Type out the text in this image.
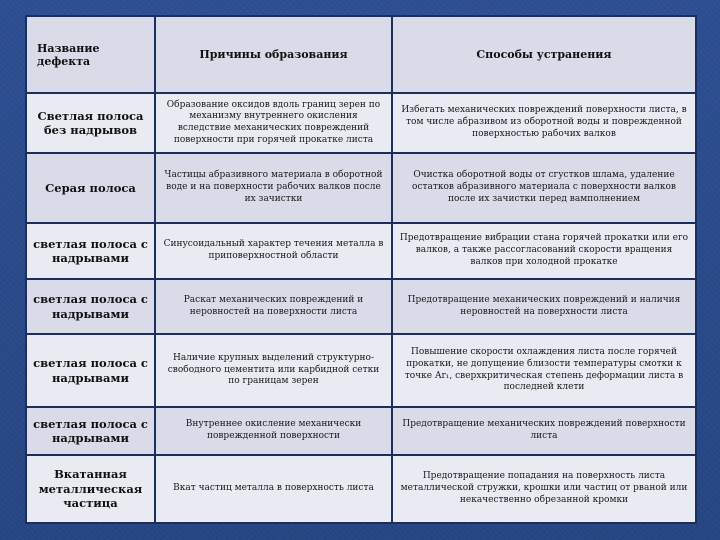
Название дефекта	Причины образования	Способы устранения
Светлая полоса без надрывов	Образование оксидов вдоль границ зерен по механизму внутреннего окисления вследствие механических повреждений поверхности при горячей прокатке листа	Избегать механических повреждений поверхности листа, в том числе абразивом из оборотной воды и поврежденной поверхностью рабочих валков
Серая полоса	Частицы абразивного материала в оборотной воде и на поверхности рабочих валков после их зачистки	Очистка оборотной воды от сгустков шлама, удаление остатков абразивного материала с поверхности валков после их зачистки перед вамполнением
светлая полоса с надрывами	Синусоидальный характер течения металла в приповерхностной области	Предотвращение вибрации стана горячей прокатки или его валков, а также рассогласований скорости вращения валков при холодной прокатке
светлая полоса с надрывами	Раскат механических повреждений и неровностей на поверхности листа	Предотвращение механических повреждений и наличия неровностей на поверхности листа
светлая полоса с надрывами	Наличие крупных выделений структурно-свободного цементита или карбидной сетки по границам зерен	Повышение скорости охлаждения листа после горячей прокатки, не допущение близости температуры смотки к точке Ar₁, сверхкритическая степень деформации листа в последней клети
светлая полоса с надрывами	Внутреннее окисление механически поврежденной поверхности	Предотвращение механических повреждений поверхности листа
Вкатанная металлическая частица	Вкат частиц металла в поверхность листа	Предотвращение попадания на поверхность листа металлической стружки, крошки или частиц от рваной или некачественно обрезанной кромки
